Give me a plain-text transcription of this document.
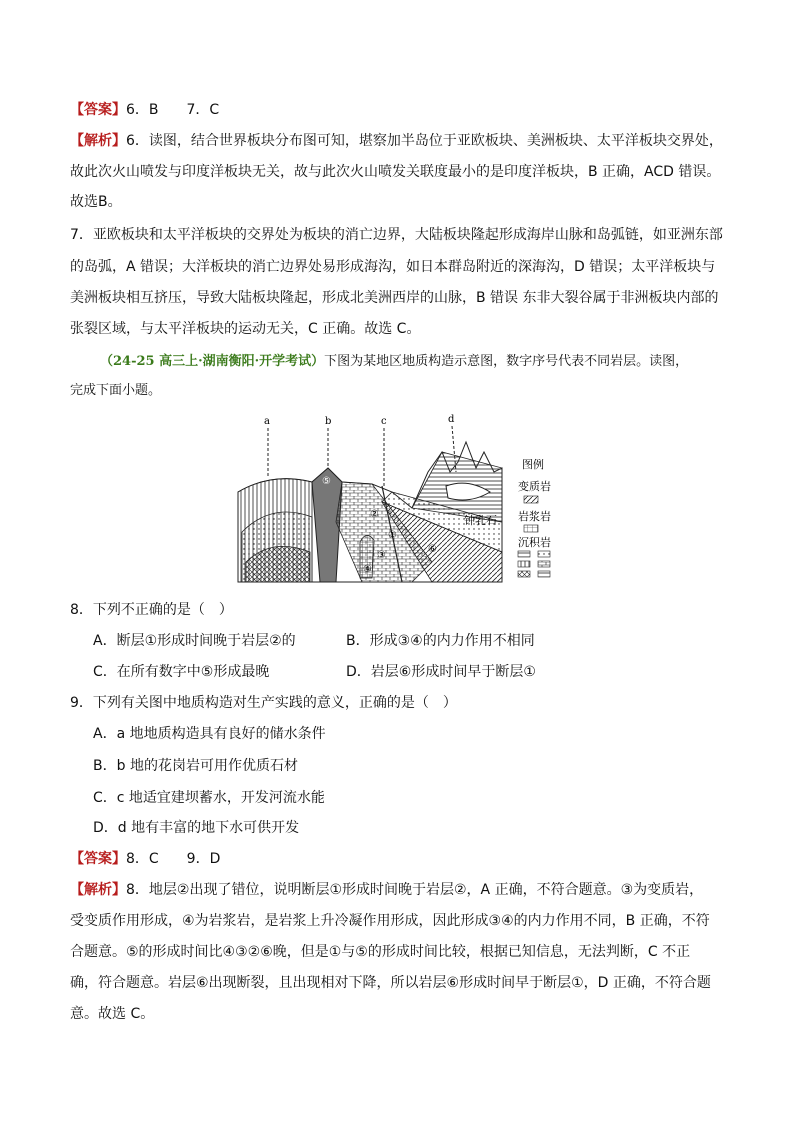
【答案】6．B　　7．C
【解析】6．读图，结合世界板块分布图可知，堪察加半岛位于亚欧板块、美洲板块、太平洋板块交界处，
故此次火山喷发与印度洋板块无关，故与此次火山喷发关联度最小的是印度洋板块，B 正确，ACD 错误。
故选B。
7．亚欧板块和太平洋板块的交界处为板块的消亡边界，大陆板块隆起形成海岸山脉和岛弧链，如亚洲东部
的岛弧，A 错误；大洋板块的消亡边界处易形成海沟，如日本群岛附近的深海沟，D 错误；太平洋板块与
美洲板块相互挤压，导致大陆板块隆起，形成北美洲西岸的山脉，B 错误 东非大裂谷属于非洲板块内部的
张裂区域，与太平洋板块的运动无关，C 正确。故选 C。
（24-25 高三上·湖南衡阳·开学考试）下图为某地区地质构造示意图，数字序号代表不同岩层。读图，
完成下面小题。
a	b	c	d
⑤
②
①
③
④
⑥
钟乳石
图例
变质岩
岩浆岩
沉积岩
8．下列不正确的是（　）
A．断层①形成时间晚于岩层②的	B．形成③④的内力作用不相同
C．在所有数字中⑤形成最晚	D．岩层⑥形成时间早于断层①
9．下列有关图中地质构造对生产实践的意义，正确的是（　）
A．a 地地质构造具有良好的储水条件
B．b 地的花岗岩可用作优质石材
C．c 地适宜建坝蓄水，开发河流水能
D．d 地有丰富的地下水可供开发
【答案】8．C　　9．D
【解析】8．地层②出现了错位，说明断层①形成时间晚于岩层②，A 正确，不符合题意。③为变质岩，
受变质作用形成，④为岩浆岩，是岩浆上升冷凝作用形成，因此形成③④的内力作用不同，B 正确，不符
合题意。⑤的形成时间比④③②⑥晚，但是①与⑤的形成时间比较，根据已知信息，无法判断，C 不正
确，符合题意。岩层⑥出现断裂，且出现相对下降，所以岩层⑥形成时间早于断层①，D 正确，不符合题
意。故选 C。
